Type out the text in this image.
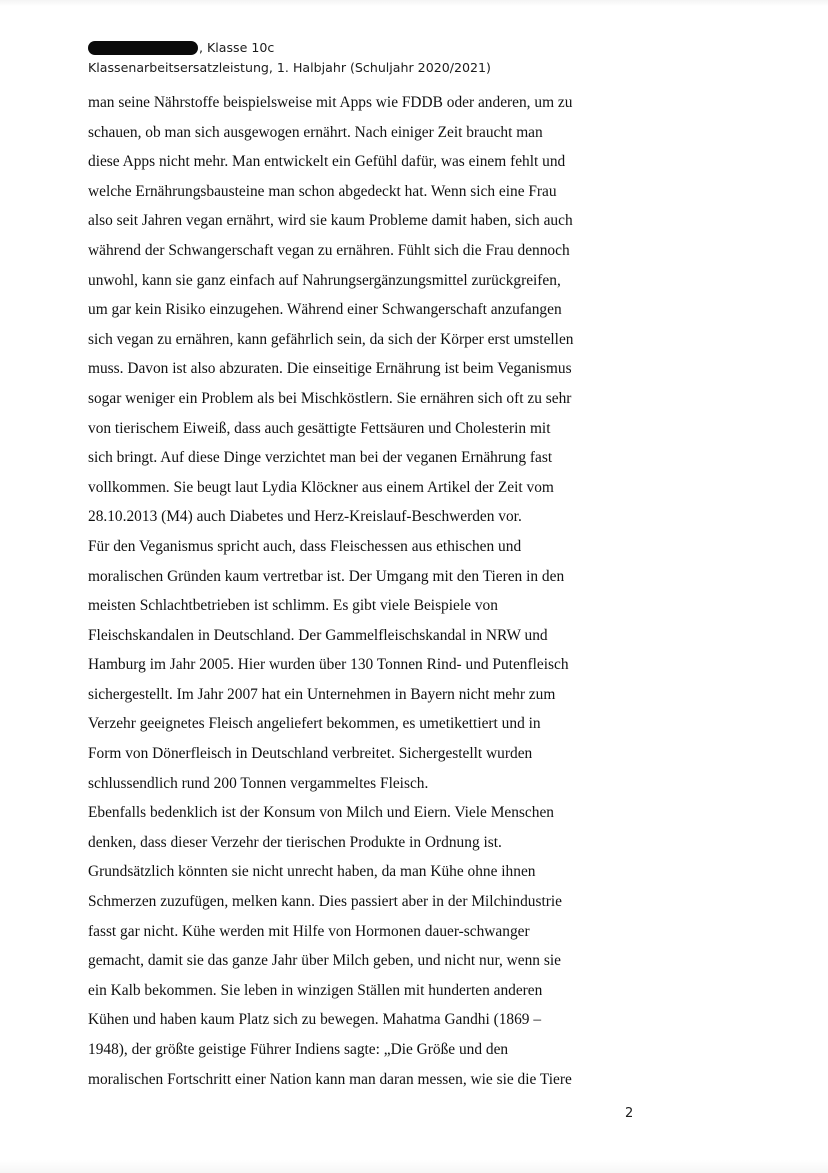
, Klasse 10c
Klassenarbeitsersatzleistung, 1. Halbjahr (Schuljahr 2020/2021)
man seine Nährstoffe beispielsweise mit Apps wie FDDB oder anderen, um zu
schauen, ob man sich ausgewogen ernährt. Nach einiger Zeit braucht man
diese Apps nicht mehr. Man entwickelt ein Gefühl dafür, was einem fehlt und
welche Ernährungsbausteine man schon abgedeckt hat. Wenn sich eine Frau
also seit Jahren vegan ernährt, wird sie kaum Probleme damit haben, sich auch
während der Schwangerschaft vegan zu ernähren. Fühlt sich die Frau dennoch
unwohl, kann sie ganz einfach auf Nahrungsergänzungsmittel zurückgreifen,
um gar kein Risiko einzugehen. Während einer Schwangerschaft anzufangen
sich vegan zu ernähren, kann gefährlich sein, da sich der Körper erst umstellen
muss. Davon ist also abzuraten. Die einseitige Ernährung ist beim Veganismus
sogar weniger ein Problem als bei Mischköstlern. Sie ernähren sich oft zu sehr
von tierischem Eiweiß, dass auch gesättigte Fettsäuren und Cholesterin mit
sich bringt. Auf diese Dinge verzichtet man bei der veganen Ernährung fast
vollkommen. Sie beugt laut Lydia Klöckner aus einem Artikel der Zeit vom
28.10.2013 (M4) auch Diabetes und Herz-Kreislauf-Beschwerden vor.
Für den Veganismus spricht auch, dass Fleischessen aus ethischen und
moralischen Gründen kaum vertretbar ist. Der Umgang mit den Tieren in den
meisten Schlachtbetrieben ist schlimm. Es gibt viele Beispiele von
Fleischskandalen in Deutschland. Der Gammelfleischskandal in NRW und
Hamburg im Jahr 2005. Hier wurden über 130 Tonnen Rind- und Putenfleisch
sichergestellt. Im Jahr 2007 hat ein Unternehmen in Bayern nicht mehr zum
Verzehr geeignetes Fleisch angeliefert bekommen, es umetikettiert und in
Form von Dönerfleisch in Deutschland verbreitet. Sichergestellt wurden
schlussendlich rund 200 Tonnen vergammeltes Fleisch.
Ebenfalls bedenklich ist der Konsum von Milch und Eiern. Viele Menschen
denken, dass dieser Verzehr der tierischen Produkte in Ordnung ist.
Grundsätzlich könnten sie nicht unrecht haben, da man Kühe ohne ihnen
Schmerzen zuzufügen, melken kann. Dies passiert aber in der Milchindustrie
fasst gar nicht. Kühe werden mit Hilfe von Hormonen dauer-schwanger
gemacht, damit sie das ganze Jahr über Milch geben, und nicht nur, wenn sie
ein Kalb bekommen. Sie leben in winzigen Ställen mit hunderten anderen
Kühen und haben kaum Platz sich zu bewegen. Mahatma Gandhi (1869 –
1948), der größte geistige Führer Indiens sagte: „Die Größe und den
moralischen Fortschritt einer Nation kann man daran messen, wie sie die Tiere
2
